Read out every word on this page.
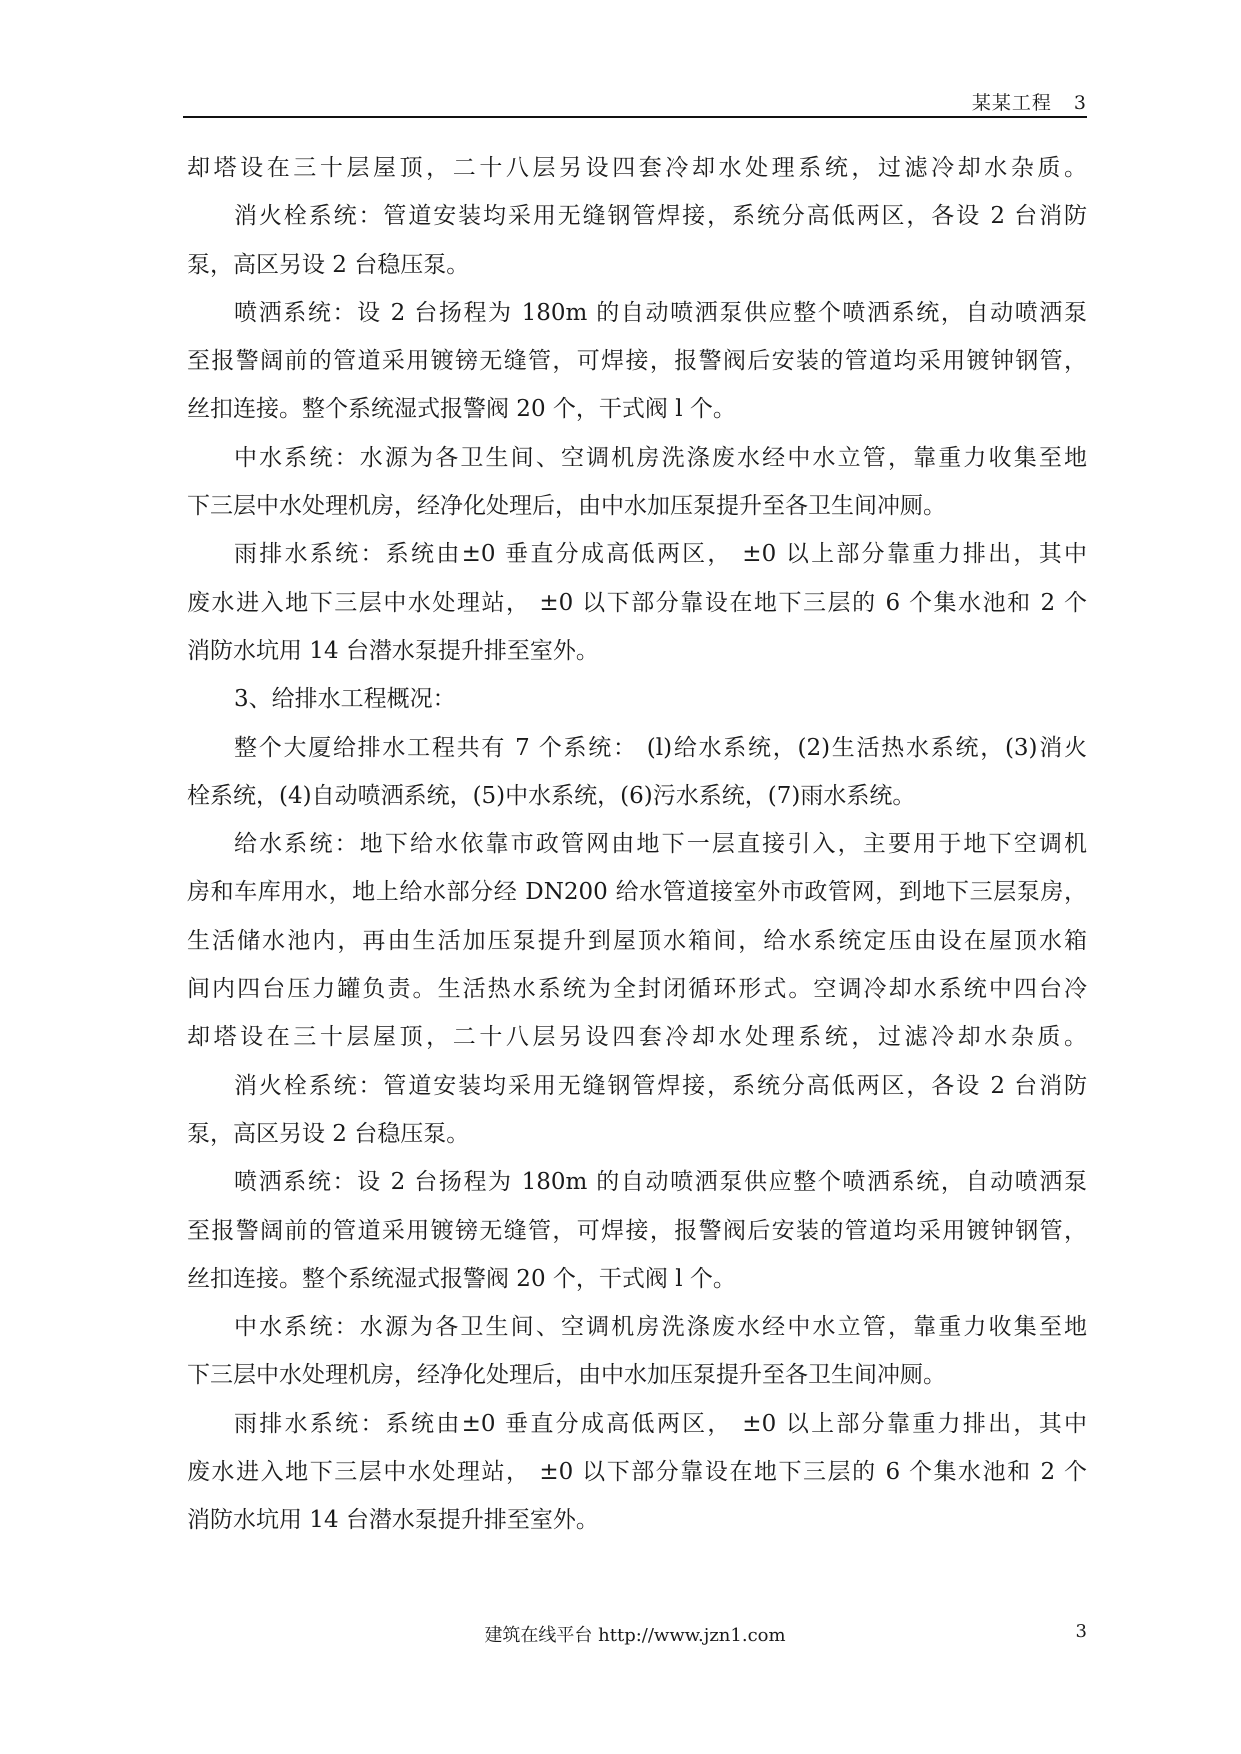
某某工程 3
却塔设在三十层屋顶，二十八层另设四套冷却水处理系统，过滤冷却水杂质。
消火栓系统：管道安装均采用无缝钢管焊接，系统分高低两区，各设 2 台消防
泵，高区另设 2 台稳压泵。
喷洒系统：设 2 台扬程为 180m 的自动喷洒泵供应整个喷洒系统，自动喷洒泵
至报警阔前的管道采用镀镑无缝管，可焊接，报警阀后安装的管道均采用镀钟钢管，
丝扣连接。整个系统湿式报警阀 20 个，干式阀 l 个。
中水系统：水源为各卫生间、空调机房洗涤废水经中水立管，靠重力收集至地
下三层中水处理机房，经净化处理后，由中水加压泵提升至各卫生间冲厕。
雨排水系统：系统由±0 垂直分成高低两区， ±0 以上部分靠重力排出，其中
废水进入地下三层中水处理站， ±0 以下部分靠设在地下三层的 6 个集水池和 2 个
消防水坑用 14 台潜水泵提升排至室外。
3、给排水工程概况：
整个大厦给排水工程共有 7 个系统： (l)给水系统，(2)生活热水系统，(3)消火
栓系统，(4)自动喷洒系统，(5)中水系统，(6)污水系统，(7)雨水系统。
给水系统：地下给水依靠市政管网由地下一层直接引入，主要用于地下空调机
房和车库用水，地上给水部分经 DN200 给水管道接室外市政管网，到地下三层泵房，
生活储水池内，再由生活加压泵提升到屋顶水箱间，给水系统定压由设在屋顶水箱
间内四台压力罐负责。生活热水系统为全封闭循环形式。空调冷却水系统中四台冷
却塔设在三十层屋顶，二十八层另设四套冷却水处理系统，过滤冷却水杂质。
消火栓系统：管道安装均采用无缝钢管焊接，系统分高低两区，各设 2 台消防
泵，高区另设 2 台稳压泵。
喷洒系统：设 2 台扬程为 180m 的自动喷洒泵供应整个喷洒系统，自动喷洒泵
至报警阔前的管道采用镀镑无缝管，可焊接，报警阀后安装的管道均采用镀钟钢管，
丝扣连接。整个系统湿式报警阀 20 个，干式阀 l 个。
中水系统：水源为各卫生间、空调机房洗涤废水经中水立管，靠重力收集至地
下三层中水处理机房，经净化处理后，由中水加压泵提升至各卫生间冲厕。
雨排水系统：系统由±0 垂直分成高低两区， ±0 以上部分靠重力排出，其中
废水进入地下三层中水处理站， ±0 以下部分靠设在地下三层的 6 个集水池和 2 个
消防水坑用 14 台潜水泵提升排至室外。
建筑在线平台 http://www.jzn1.com	3
